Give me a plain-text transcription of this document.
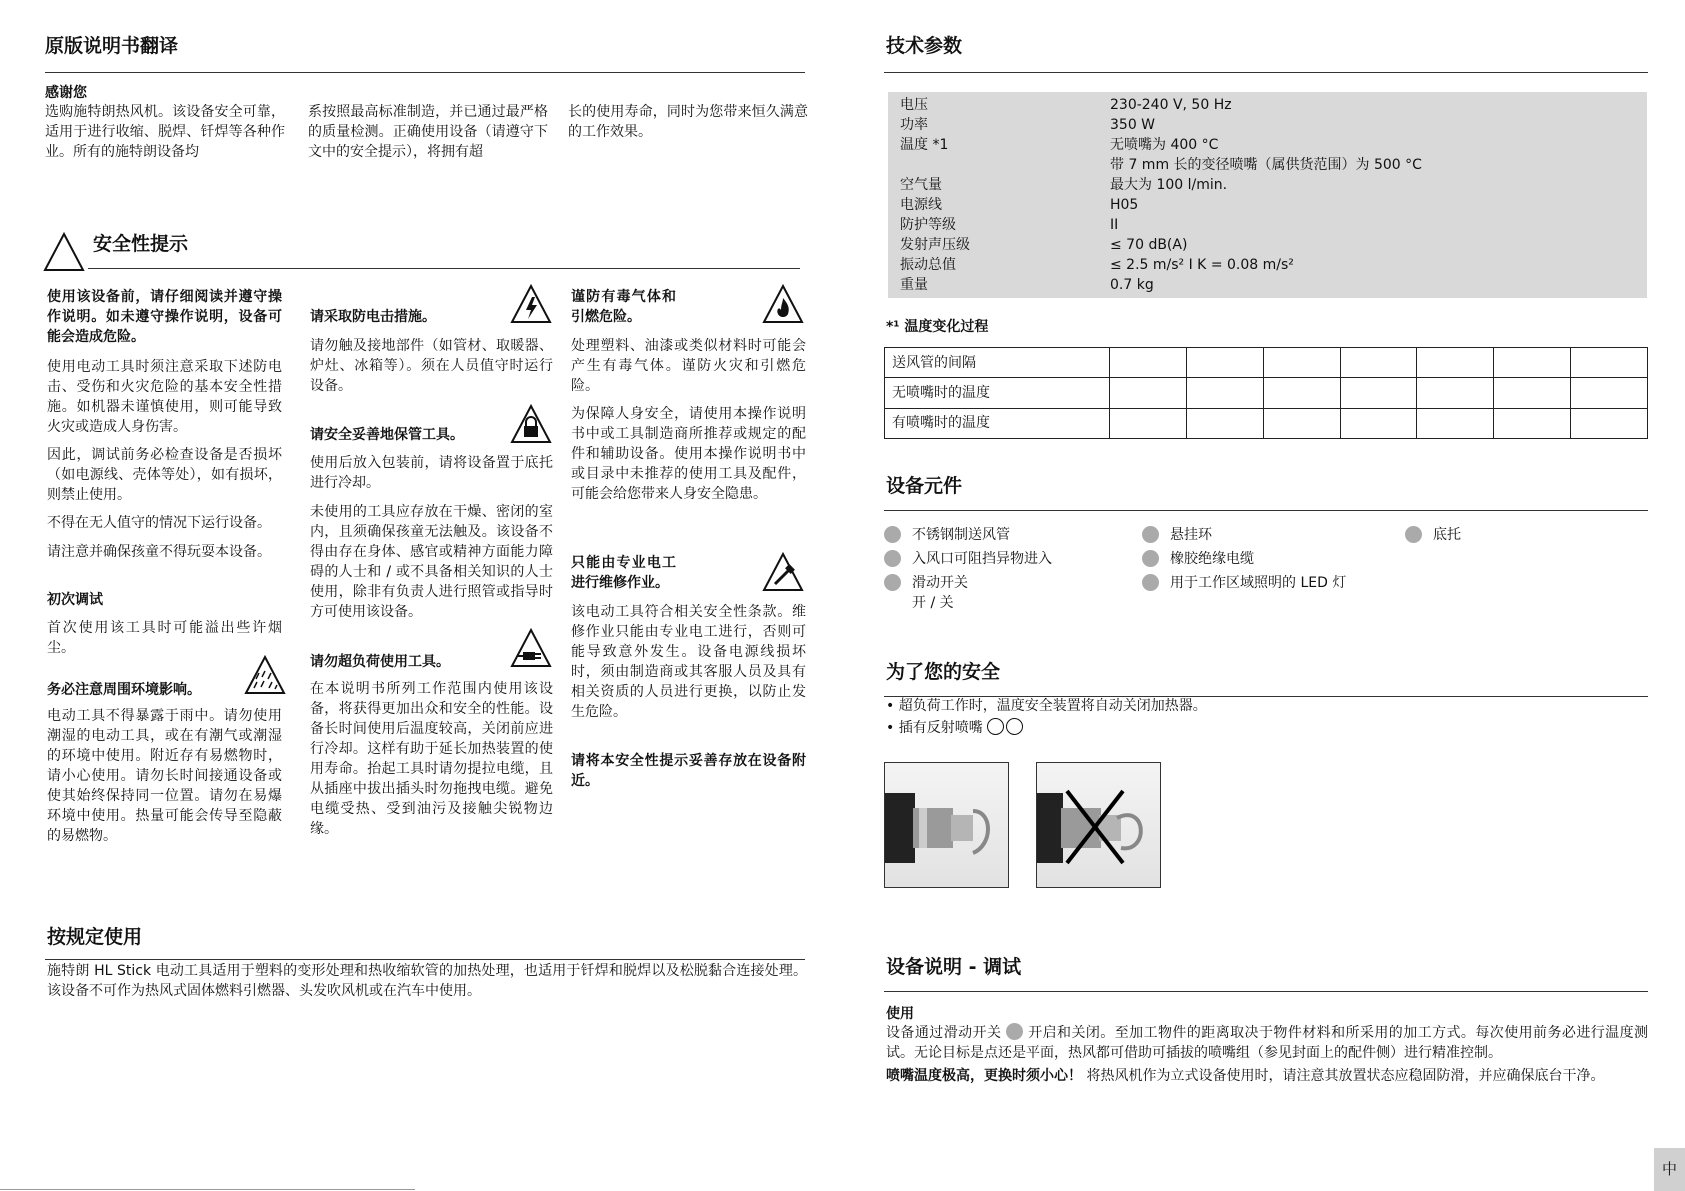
原版说明书翻译
感谢您
选购施特朗热风机。该设备安全可靠，适用于进行收缩、脱焊、钎焊等各种作业。所有的施特朗设备均
系按照最高标准制造，并已通过最严格的质量检测。正确使用设备（请遵守下文中的安全提示），将拥有超
长的使用寿命，同时为您带来恒久满意的工作效果。
安全性提示
使用该设备前，请仔细阅读并遵守操作说明。如未遵守操作说明，设备可能会造成危险。
使用电动工具时须注意采取下述防电击、受伤和火灾危险的基本安全性措施。如机器未谨慎使用，则可能导致火灾或造成人身伤害。
因此，调试前务必检查设备是否损坏（如电源线、壳体等处），如有损坏，则禁止使用。
不得在无人值守的情况下运行设备。
请注意并确保孩童不得玩耍本设备。
初次调试
首次使用该工具时可能溢出些许烟尘。
务必注意周围环境影响。
电动工具不得暴露于雨中。请勿使用潮湿的电动工具，或在有潮气或潮湿的环境中使用。附近存有易燃物时，请小心使用。请勿长时间接通设备或使其始终保持同一位置。请勿在易爆环境中使用。热量可能会传导至隐蔽的易燃物。
请采取防电击措施。
请勿触及接地部件（如管材、取暖器、炉灶、冰箱等）。须在人员值守时运行设备。
请安全妥善地保管工具。
使用后放入包装前，请将设备置于底托进行冷却。
未使用的工具应存放在干燥、密闭的室内，且须确保孩童无法触及。该设备不得由存在身体、感官或精神方面能力障碍的人士和 / 或不具备相关知识的人士使用，除非有负责人进行照管或指导时方可使用该设备。
请勿超负荷使用工具。
在本说明书所列工作范围内使用该设备，将获得更加出众和安全的性能。设备长时间使用后温度较高，关闭前应进行冷却。这样有助于延长加热装置的使用寿命。抬起工具时请勿提拉电缆，且从插座中拔出插头时勿拖拽电缆。避免电缆受热、受到油污及接触尖锐物边缘。
谨防有毒气体和引燃危险。
处理塑料、油漆或类似材料时可能会产生有毒气体。谨防火灾和引燃危险。
为保障人身安全，请使用本操作说明书中或工具制造商所推荐或规定的配件和辅助设备。使用本操作说明书中或目录中未推荐的使用工具及配件，可能会给您带来人身安全隐患。
只能由专业电工进行维修作业。
该电动工具符合相关安全性条款。维修作业只能由专业电工进行，否则可能导致意外发生。设备电源线损坏时，须由制造商或其客服人员及具有相关资质的人员进行更换，以防止发生危险。
请将本安全性提示妥善存放在设备附近。
按规定使用
施特朗 HL Stick 电动工具适用于塑料的变形处理和热收缩软管的加热处理，也适用于钎焊和脱焊以及松脱黏合连接处理。该设备不可作为热风式固体燃料引燃器、头发吹风机或在汽车中使用。
技术参数
电压	230-240 V, 50 Hz
功率	350 W
温度 *1	无喷嘴为 400 °C
带 7 mm 长的变径喷嘴（属供货范围）为 500 °C
空气量	最大为 100 l/min.
电源线	H05
防护等级	II
发射声压级	≤ 70 dB(A)
振动总值	≤ 2.5 m/s² I K = 0.08 m/s²
重量	0.7 kg
*¹ 温度变化过程
送风管的间隔							
无喷嘴时的温度							
有喷嘴时的温度							
设备元件
不锈钢制送风管
入风口可阻挡异物进入
滑动开关
开 / 关
悬挂环
橡胶绝缘电缆
用于工作区域照明的 LED 灯
底托
为了您的安全
• 超负荷工作时，温度安全装置将自动关闭加热器。
• 插有反射喷嘴
设备说明 - 调试
使用
设备通过滑动开关 开启和关闭。至加工物件的距离取决于物件材料和所采用的加工方式。每次使用前务必进行温度测试。无论目标是点还是平面，热风都可借助可插拔的喷嘴组（参见封面上的配件侧）进行精准控制。
喷嘴温度极高，更换时须小心！ 将热风机作为立式设备使用时，请注意其放置状态应稳固防滑，并应确保底台干净。
中
